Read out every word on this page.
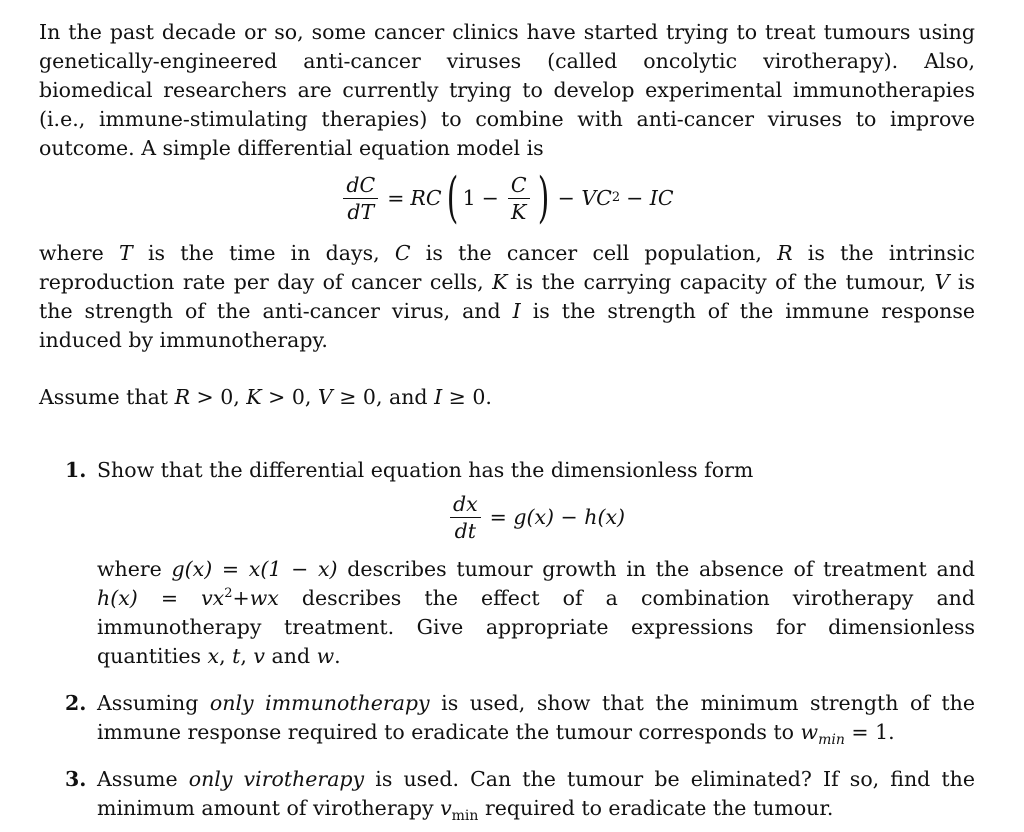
In the past decade or so, some cancer clinics have started trying to treat tumours using genetically-engineered anti-cancer viruses (called oncolytic virotherapy). Also, biomedical researchers are currently trying to develop experimental immunotherapies (i.e., immune-stimulating therapies) to combine with anti-cancer viruses to improve outcome. A simple differential equation model is

$\frac{dC}{dT}$ = RC ( $1 - \frac{C}{K}$ ) − VC 2 − IC

where T is the time in days, C is the cancer cell population, R is the intrinsic reproduction rate per day of cancer cells, K is the carrying capacity of the tumour, V is the strength of the anti-cancer virus, and I is the strength of the immune response induced by immunotherapy.

Assume that R > 0, K > 0, V ≥ 0, and I ≥ 0.

1. Show that the differential equation has the dimensionless form

$\frac{dx}{dt} = g(x) - h(x)$

where g(x) = x(1 − x) describes tumour growth in the absence of treatment and $h(x) = vx^2+wx$ describes the effect of a combination virotherapy and immunotherapy treatment. Give appropriate expressions for dimensionless quantities x, t, v and w.

2. Assuming only immunotherapy is used, show that the minimum strength of the immune response required to eradicate the tumour corresponds to $w_{min} = 1$.

3. Assume only virotherapy is used. Can the tumour be eliminated? If so, find the minimum amount of virotherapy $v_{min}$ required to eradicate the tumour.
